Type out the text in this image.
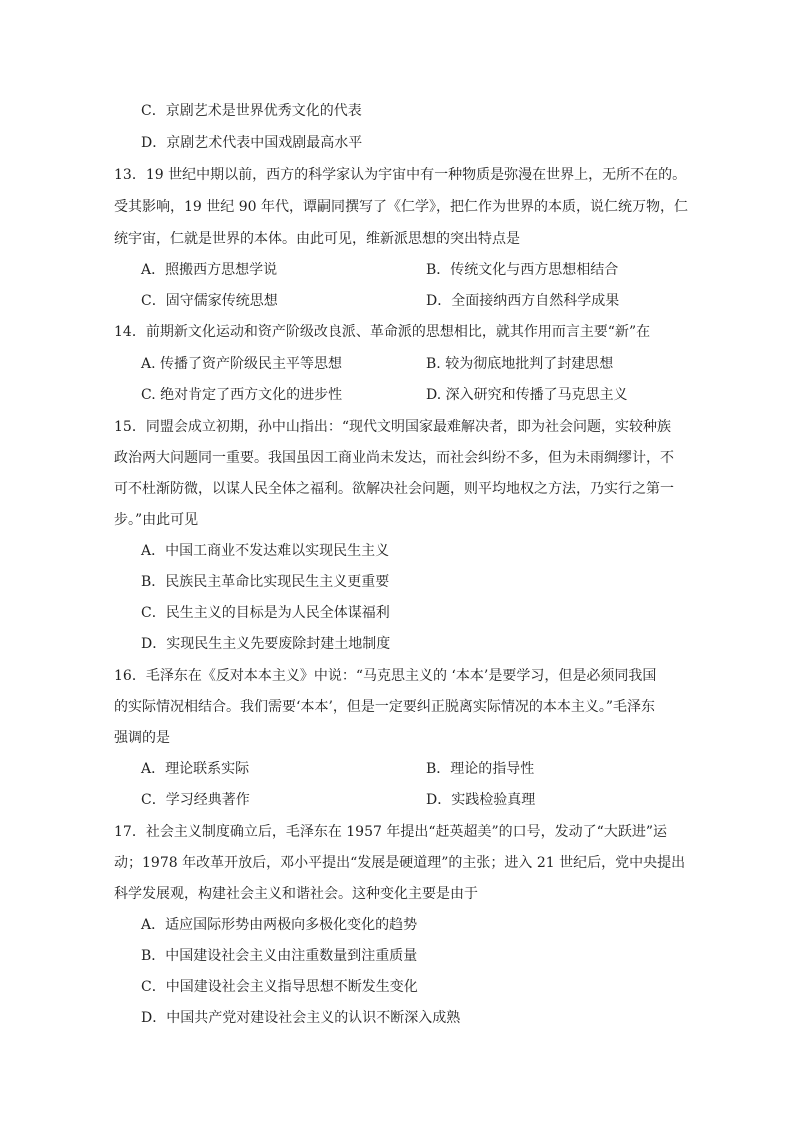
C．京剧艺术是世界优秀文化的代表
D．京剧艺术代表中国戏剧最高水平
13．19 世纪中期以前，西方的科学家认为宇宙中有一种物质是弥漫在世界上，无所不在的。
受其影响，19 世纪 90 年代，谭嗣同撰写了《仁学》，把仁作为世界的本质，说仁统万物，仁
统宇宙，仁就是世界的本体。由此可见，维新派思想的突出特点是
A．照搬西方思想学说	B．传统文化与西方思想相结合
C．固守儒家传统思想	D．全面接纳西方自然科学成果
14．前期新文化运动和资产阶级改良派、革命派的思想相比，就其作用而言主要“新”在
A. 传播了资产阶级民主平等思想	B. 较为彻底地批判了封建思想
C. 绝对肯定了西方文化的进步性	D. 深入研究和传播了马克思主义
15．同盟会成立初期，孙中山指出：“现代文明国家最难解决者，即为社会问题，实较种族
政治两大问题同一重要。我国虽因工商业尚未发达，而社会纠纷不多，但为未雨绸缪计，不
可不杜渐防微，以谋人民全体之福利。欲解决社会问题，则平均地权之方法，乃实行之第一
步。”由此可见
A．中国工商业不发达难以实现民生主义
B．民族民主革命比实现民生主义更重要
C．民生主义的目标是为人民全体谋福利
D．实现民生主义先要废除封建土地制度
16．毛泽东在《反对本本主义》中说：“马克思主义的 ‘本本’是要学习，但是必须同我国
的实际情况相结合。我们需要‘本本’，但是一定要纠正脱离实际情况的本本主义。”毛泽东
强调的是
A．理论联系实际	B．理论的指导性
C．学习经典著作	D．实践检验真理
17．社会主义制度确立后，毛泽东在 1957 年提出“赶英超美”的口号，发动了“大跃进”运
动；1978 年改革开放后，邓小平提出“发展是硬道理”的主张；进入 21 世纪后，党中央提出
科学发展观，构建社会主义和谐社会。这种变化主要是由于
A．适应国际形势由两极向多极化变化的趋势
B．中国建设社会主义由注重数量到注重质量
C．中国建设社会主义指导思想不断发生变化
D．中国共产党对建设社会主义的认识不断深入成熟
